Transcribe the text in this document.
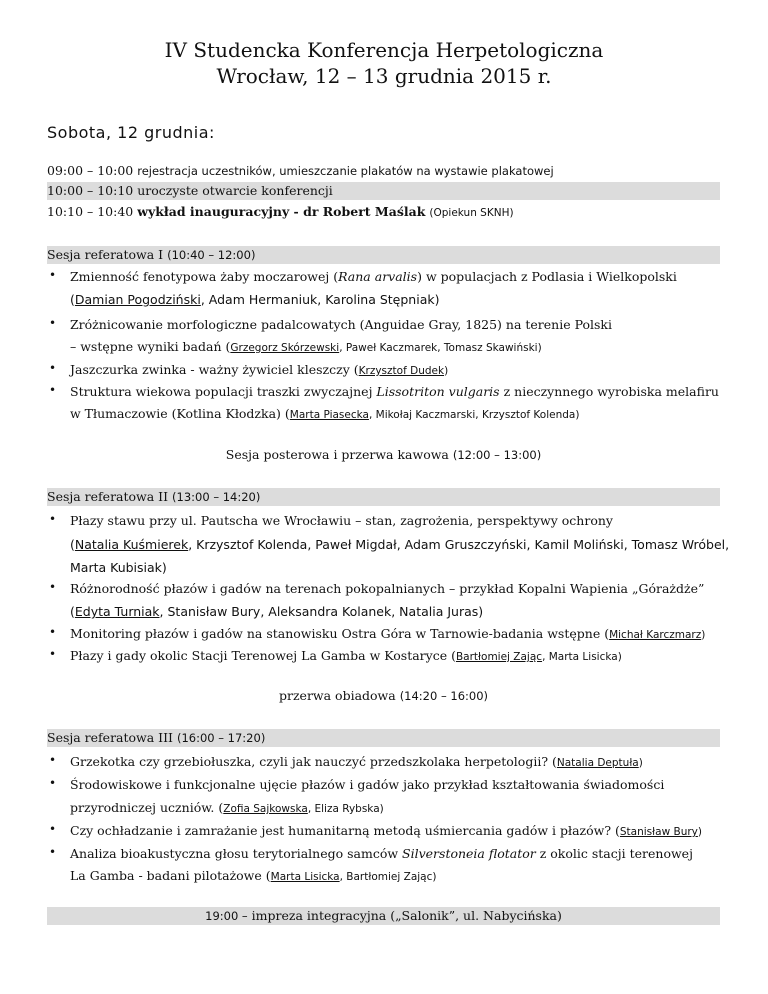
IV Studencka Konferencja Herpetologiczna
Wrocław, 12 – 13 grudnia 2015 r.
Sobota, 12 grudnia:
09:00 – 10:00 rejestracja uczestników, umieszczanie plakatów na wystawie plakatowej
10:00 – 10:10 uroczyste otwarcie konferencji
10:10 – 10:40 wykład inauguracyjny - dr Robert Maślak (Opiekun SKNH)
Sesja referatowa I (10:40 – 12:00)
• Zmienność fenotypowa żaby moczarowej (Rana arvalis) w populacjach z Podlasia i Wielkopolski
(Damian Pogodziński, Adam Hermaniuk, Karolina Stępniak)
• Zróżnicowanie morfologiczne padalcowatych (Anguidae Gray, 1825) na terenie Polski
– wstępne wyniki badań (Grzegorz Skórzewski, Paweł Kaczmarek, Tomasz Skawiński)
• Jaszczurka zwinka - ważny żywiciel kleszczy (Krzysztof Dudek)
• Struktura wiekowa populacji traszki zwyczajnej Lissotriton vulgaris z nieczynnego wyrobiska melafiru
w Tłumaczowie (Kotlina Kłodzka) (Marta Piasecka, Mikołaj Kaczmarski, Krzysztof Kolenda)
Sesja posterowa i przerwa kawowa (12:00 – 13:00)
Sesja referatowa II (13:00 – 14:20)
• Płazy stawu przy ul. Pautscha we Wrocławiu – stan, zagrożenia, perspektywy ochrony
(Natalia Kuśmierek, Krzysztof Kolenda, Paweł Migdał, Adam Gruszczyński, Kamil Moliński, Tomasz Wróbel,
Marta Kubisiak)
• Różnorodność płazów i gadów na terenach pokopalnianych – przykład Kopalni Wapienia „Górażdże”
(Edyta Turniak, Stanisław Bury, Aleksandra Kolanek, Natalia Juras)
• Monitoring płazów i gadów na stanowisku Ostra Góra w Tarnowie-badania wstępne (Michał Karczmarz)
• Płazy i gady okolic Stacji Terenowej La Gamba w Kostaryce (Bartłomiej Zając, Marta Lisicka)
przerwa obiadowa (14:20 – 16:00)
Sesja referatowa III (16:00 – 17:20)
• Grzekotka czy grzebiołuszka, czyli jak nauczyć przedszkolaka herpetologii? (Natalia Deptuła)
• Środowiskowe i funkcjonalne ujęcie płazów i gadów jako przykład kształtowania świadomości
przyrodniczej uczniów. (Zofia Sajkowska, Eliza Rybska)
• Czy ochładzanie i zamrażanie jest humanitarną metodą uśmiercania gadów i płazów? (Stanisław Bury)
• Analiza bioakustyczna głosu terytorialnego samców Silverstoneia flotator z okolic stacji terenowej
La Gamba - badani pilotażowe (Marta Lisicka, Bartłomiej Zając)
19:00 – impreza integracyjna („Salonik”, ul. Nabycińska)
